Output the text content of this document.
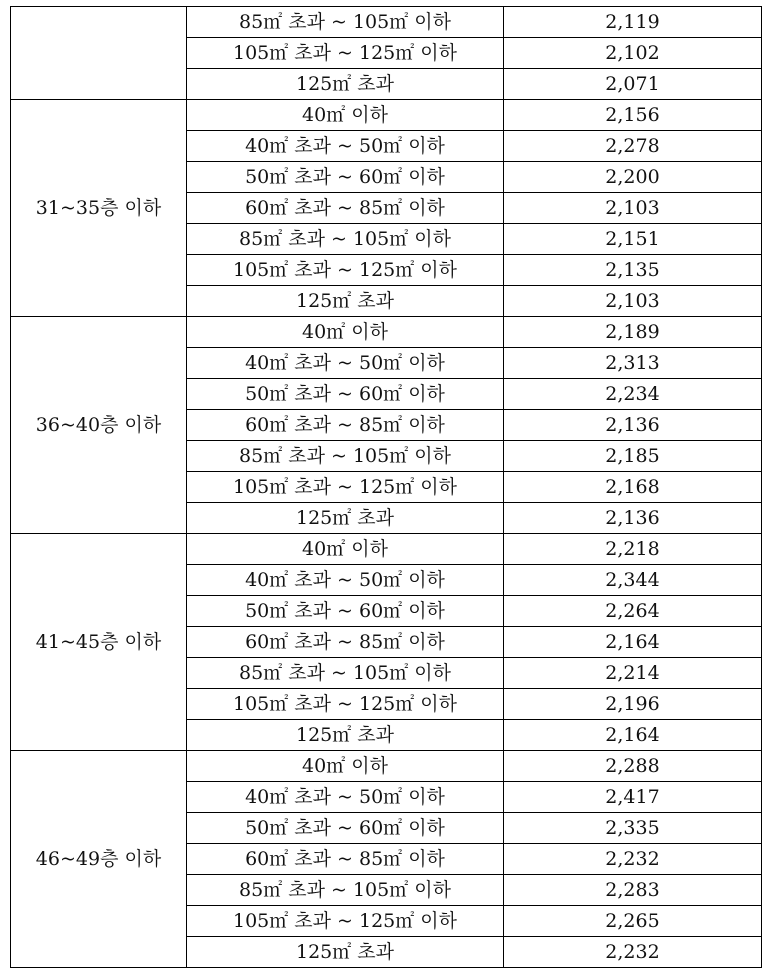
	85㎡ 초과 ~ 105㎡ 이하	2,119
	105㎡ 초과 ~ 125㎡ 이하	2,102
	125㎡ 초과	2,071
31~35층 이하	40㎡ 이하	2,156
	40㎡ 초과 ~ 50㎡ 이하	2,278
	50㎡ 초과 ~ 60㎡ 이하	2,200
	60㎡ 초과 ~ 85㎡ 이하	2,103
	85㎡ 초과 ~ 105㎡ 이하	2,151
	105㎡ 초과 ~ 125㎡ 이하	2,135
	125㎡ 초과	2,103
36~40층 이하	40㎡ 이하	2,189
	40㎡ 초과 ~ 50㎡ 이하	2,313
	50㎡ 초과 ~ 60㎡ 이하	2,234
	60㎡ 초과 ~ 85㎡ 이하	2,136
	85㎡ 초과 ~ 105㎡ 이하	2,185
	105㎡ 초과 ~ 125㎡ 이하	2,168
	125㎡ 초과	2,136
41~45층 이하	40㎡ 이하	2,218
	40㎡ 초과 ~ 50㎡ 이하	2,344
	50㎡ 초과 ~ 60㎡ 이하	2,264
	60㎡ 초과 ~ 85㎡ 이하	2,164
	85㎡ 초과 ~ 105㎡ 이하	2,214
	105㎡ 초과 ~ 125㎡ 이하	2,196
	125㎡ 초과	2,164
46~49층 이하	40㎡ 이하	2,288
	40㎡ 초과 ~ 50㎡ 이하	2,417
	50㎡ 초과 ~ 60㎡ 이하	2,335
	60㎡ 초과 ~ 85㎡ 이하	2,232
	85㎡ 초과 ~ 105㎡ 이하	2,283
	105㎡ 초과 ~ 125㎡ 이하	2,265
	125㎡ 초과	2,232
